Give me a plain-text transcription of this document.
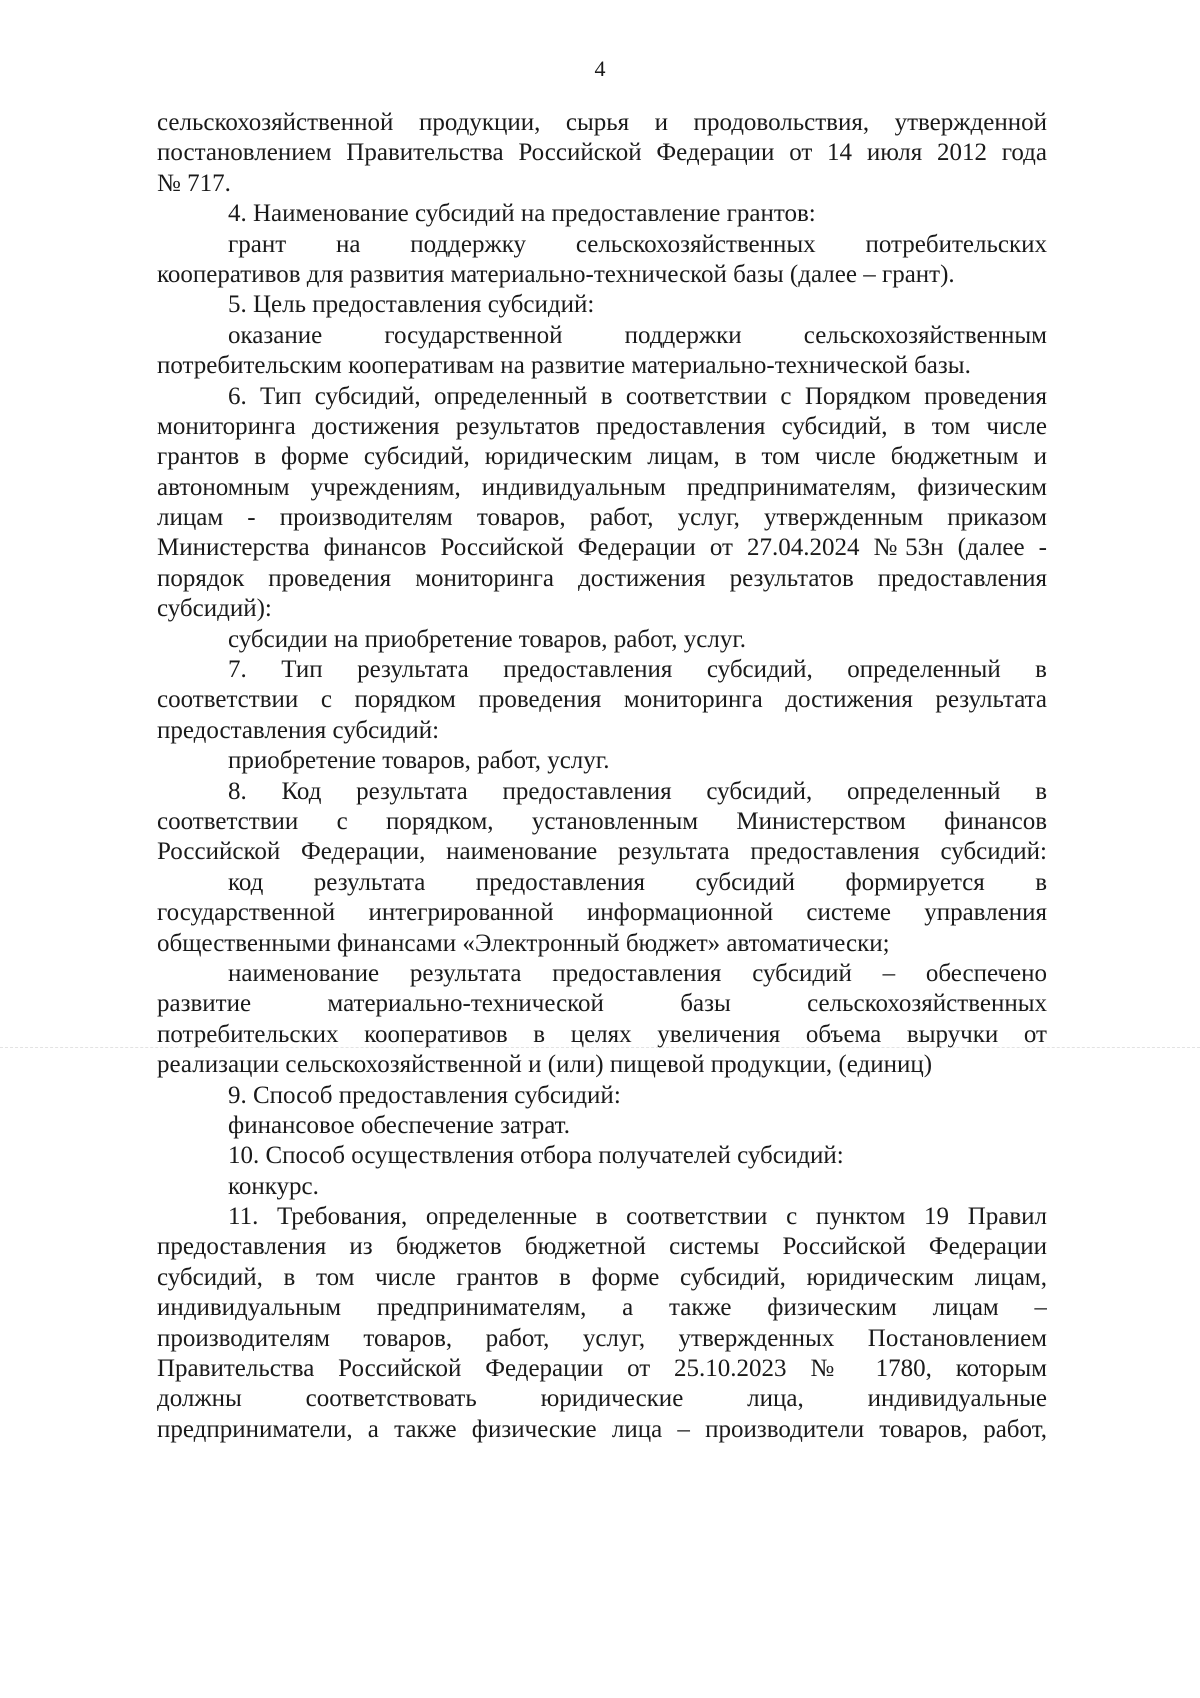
4
сельскохозяйственной продукции, сырья и продовольствия, утвержденной
постановлением Правительства Российской Федерации от 14 июля 2012 года
№ 717.
4. Наименование субсидий на предоставление грантов:
грант на поддержку сельскохозяйственных потребительских
кооперативов для развития материально-технической базы (далее – грант).
5. Цель предоставления субсидий:
оказание государственной поддержки сельскохозяйственным
потребительским кооперативам на развитие материально-технической базы.
6. Тип субсидий, определенный в соответствии с Порядком проведения
мониторинга достижения результатов предоставления субсидий, в том числе
грантов в форме субсидий, юридическим лицам, в том числе бюджетным и
автономным учреждениям, индивидуальным предпринимателям, физическим
лицам - производителям товаров, работ, услуг, утвержденным приказом
Министерства финансов Российской Федерации от 27.04.2024 №53н (далее -
порядок проведения мониторинга достижения результатов предоставления
субсидий):
субсидии на приобретение товаров, работ, услуг.
7. Тип результата предоставления субсидий, определенный в
соответствии с порядком проведения мониторинга достижения результата
предоставления субсидий:
приобретение товаров, работ, услуг.
8. Код результата предоставления субсидий, определенный в
соответствии с порядком, установленным Министерством финансов
Российской Федерации, наименование результата предоставления субсидий:
код результата предоставления субсидий формируется в
государственной интегрированной информационной системе управления
общественными финансами «Электронный бюджет» автоматически;
наименование результата предоставления субсидий – обеспечено
развитие материально-технической базы сельскохозяйственных
потребительских кооперативов в целях увеличения объема выручки от
реализации сельскохозяйственной и (или) пищевой продукции, (единиц)
9. Способ предоставления субсидий:
финансовое обеспечение затрат.
10. Способ осуществления отбора получателей субсидий:
конкурс.
11. Требования, определенные в соответствии с пунктом 19 Правил
предоставления из бюджетов бюджетной системы Российской Федерации
субсидий, в том числе грантов в форме субсидий, юридическим лицам,
индивидуальным предпринимателям, а также физическим лицам –
производителям товаров, работ, услуг, утвержденных Постановлением
Правительства Российской Федерации от 25.10.2023 № 1780, которым
должны соответствовать юридические лица, индивидуальные
предприниматели, а также физические лица – производители товаров, работ,
